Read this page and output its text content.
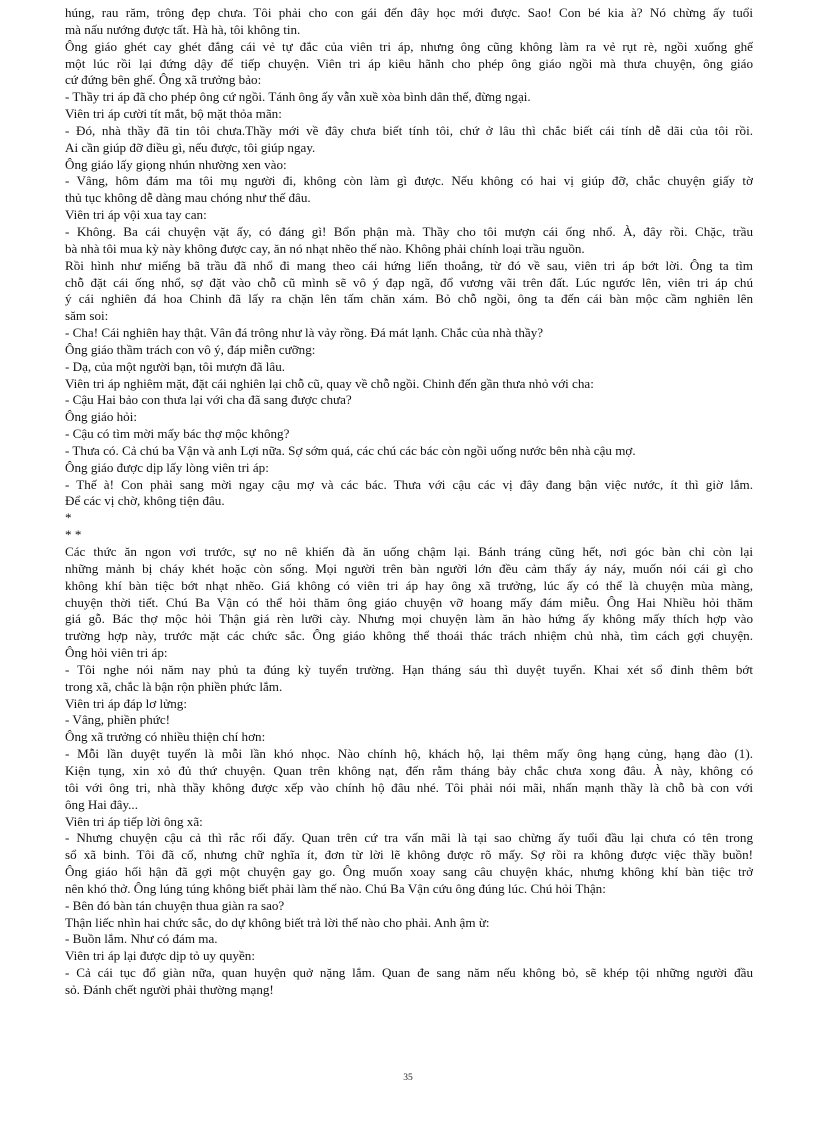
húng, rau răm, trông đẹp chưa. Tôi phải cho con gái đến đây học mới được. Sao! Con bé kia à? Nó chừng ấy tuổi
mà nấu nướng được tất. Hà hà, tôi không tin.
Ông giáo ghét cay ghét đắng cái vẻ tự đắc của viên tri áp, nhưng ông cũng không làm ra vẻ rụt rè, ngồi xuống ghế
một lúc rồi lại đứng dậy để tiếp chuyện. Viên tri áp kiêu hãnh cho phép ông giáo ngồi mà thưa chuyện, ông giáo
cứ đứng bên ghế. Ông xã trưởng bảo:
- Thầy tri áp đã cho phép ông cứ ngồi. Tánh ông ấy vẫn xuề xòa bình dân thế, đừng ngại.
Viên tri áp cười tít mắt, bộ mặt thỏa mãn:
- Đó, nhà thầy đã tin tôi chưa.Thầy mới về đây chưa biết tính tôi, chứ ở lâu thì chắc biết cái tính dễ dãi của tôi rồi.
Ai cần giúp đỡ điều gì, nếu được, tôi giúp ngay.
Ông giáo lấy giọng nhún nhường xen vào:
- Vâng, hôm đám ma tôi mụ người đi, không còn làm gì được. Nếu không có hai vị giúp đỡ, chắc chuyện giấy tờ
thủ tục không dễ dàng mau chóng như thế đâu.
Viên tri áp vội xua tay can:
- Không. Ba cái chuyện vặt ấy, có đáng gì! Bổn phận mà. Thầy cho tôi mượn cái ống nhổ. À, đây rồi. Chặc, trầu
bà nhà tôi mua kỳ này không được cay, ăn nó nhạt nhẽo thế nào. Không phải chính loại trầu nguồn.
Rồi hình như miếng bã trầu đã nhổ đi mang theo cái hứng liến thoắng, từ đó về sau, viên tri áp bớt lời. Ông ta tìm
chỗ đặt cái ống nhổ, sợ đặt vào chỗ cũ mình sẽ vô ý đạp ngã, đổ vương vãi trên đất. Lúc ngước lên, viên tri áp chú
ý cái nghiên đá hoa Chinh đã lấy ra chặn lên tấm chăn xám. Bỏ chỗ ngồi, ông ta đến cái bàn mộc cầm nghiên lên
săm soi:
- Cha! Cái nghiên hay thật. Vân đá trông như là vảy rồng. Đá mát lạnh. Chắc của nhà thầy?
Ông giáo thầm trách con vô ý, đáp miễn cưỡng:
- Dạ, của một người bạn, tôi mượn đã lâu.
Viên tri áp nghiêm mặt, đặt cái nghiên lại chỗ cũ, quay về chỗ ngồi. Chinh đến gần thưa nhỏ với cha:
- Cậu Hai bảo con thưa lại với cha đã sang được chưa?
Ông giáo hỏi:
- Cậu có tìm mời mấy bác thợ mộc không?
- Thưa có. Cả chú ba Vận và anh Lợi nữa. Sợ sớm quá, các chú các bác còn ngồi uống nước bên nhà cậu mợ.
Ông giáo được dịp lấy lòng viên tri áp:
- Thế à! Con phải sang mời ngay cậu mợ và các bác. Thưa với cậu các vị đây đang bận việc nước, ít thì giờ lắm.
Để các vị chờ, không tiện đâu.
*
* *
Các thức ăn ngon vơi trước, sự no nê khiến đà ăn uống chậm lại. Bánh tráng cũng hết, nơi góc bàn chỉ còn lại
những mảnh bị cháy khét hoặc còn sống. Mọi người trên bàn người lớn đều cảm thấy áy náy, muốn nói cái gì cho
không khí bàn tiệc bớt nhạt nhẽo. Giá không có viên tri áp hay ông xã trưởng, lúc ấy có thể là chuyện mùa màng,
chuyện thời tiết. Chú Ba Vận có thể hỏi thăm ông giáo chuyện vỡ hoang mấy đám miễu. Ông Hai Nhiều hỏi thăm
giá gỗ. Bác thợ mộc hỏi Thận giá rèn lưỡi cày. Nhưng mọi chuyện làm ăn hào hứng ấy không mấy thích hợp vào
trường hợp này, trước mặt các chức sắc. Ông giáo không thể thoái thác trách nhiệm chủ nhà, tìm cách gợi chuyện.
Ông hỏi viên tri áp:
- Tôi nghe nói năm nay phủ ta đúng kỳ tuyển trường. Hạn tháng sáu thì duyệt tuyển. Khai xét sổ đinh thêm bớt
trong xã, chắc là bận rộn phiền phức lắm.
Viên tri áp đáp lơ lửng:
- Vâng, phiền phức!
Ông xã trưởng có nhiều thiện chí hơn:
- Mỗi lần duyệt tuyển là mỗi lần khó nhọc. Nào chính hộ, khách hộ, lại thêm mấy ông hạng củng, hạng đào (1).
Kiện tụng, xin xỏ đủ thứ chuyện. Quan trên không nạt, đến rằm tháng bảy chắc chưa xong đâu. À này, không có
tôi với ông tri, nhà thầy không được xếp vào chính hộ đâu nhé. Tôi phải nói mãi, nhấn mạnh thầy là chỗ bà con với
ông Hai đây...
Viên tri áp tiếp lời ông xã:
- Nhưng chuyện cậu cả thì rắc rối đấy. Quan trên cứ tra vấn mãi là tại sao chừng ấy tuổi đầu lại chưa có tên trong
sổ xã binh. Tôi đã cố, nhưng chữ nghĩa ít, đơn từ lời lẽ không được rõ mấy. Sợ rồi ra không được việc thầy buồn!
Ông giáo hối hận đã gợi một chuyện gay go. Ông muốn xoay sang câu chuyện khác, nhưng không khí bàn tiệc trở
nên khó thở. Ông lúng túng không biết phải làm thế nào. Chú Ba Vận cứu ông đúng lúc. Chú hỏi Thận:
- Bên đó bàn tán chuyện thua giàn ra sao?
Thận liếc nhìn hai chức sắc, do dự không biết trả lời thế nào cho phải. Anh ậm ừ:
- Buồn lắm. Như có đám ma.
Viên tri áp lại được dịp tỏ uy quyền:
- Cả cái tục đổ giàn nữa, quan huyện quở nặng lắm. Quan đe sang năm nếu không bỏ, sẽ khép tội những người đầu
sỏ. Đánh chết người phải thường mạng!
35
